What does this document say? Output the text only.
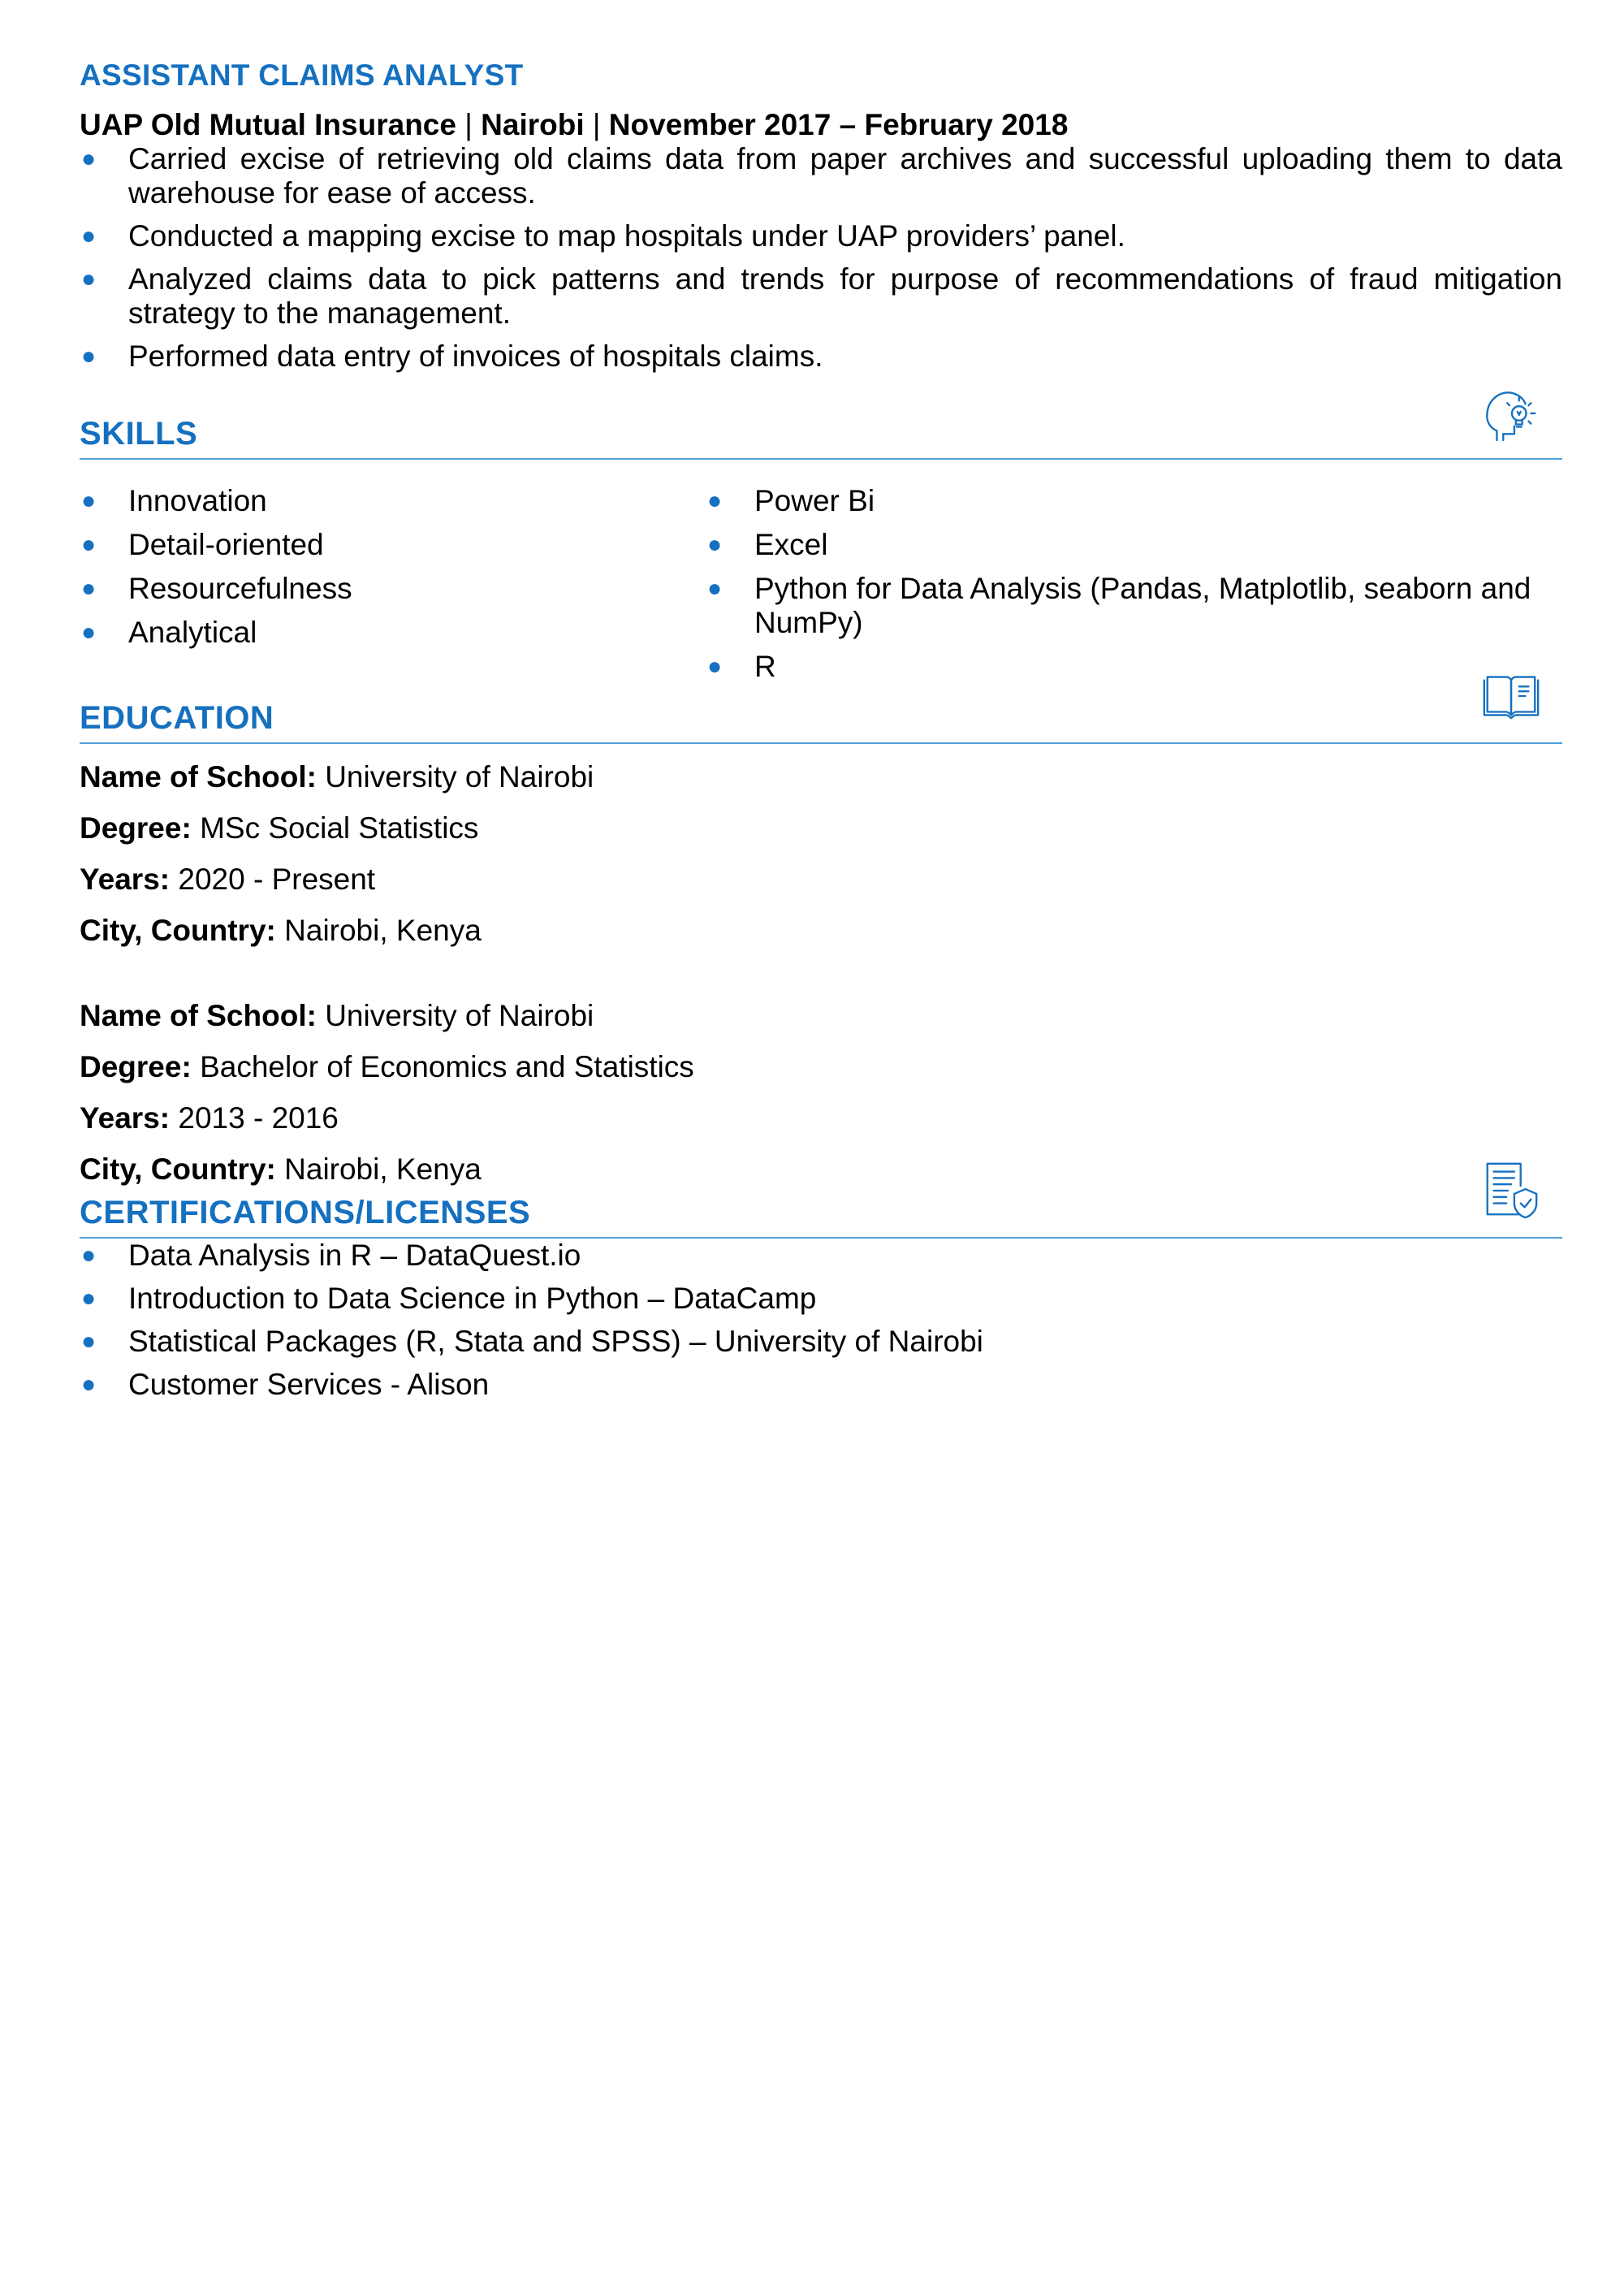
ASSISTANT CLAIMS ANALYST
UAP Old Mutual Insurance | Nairobi | November 2017 – February 2018
● Carried excise of retrieving old claims data from paper archives and successful uploading them to data warehouse for ease of access.
● Conducted a mapping excise to map hospitals under UAP providers’ panel.
● Analyzed claims data to pick patterns and trends for purpose of recommendations of fraud mitigation strategy to the management.
● Performed data entry of invoices of hospitals claims.
SKILLS
● Innovation
● Detail-oriented
● Resourcefulness
● Analytical
● Power Bi
● Excel
● Python for Data Analysis (Pandas, Matplotlib, seaborn and NumPy)
● R
EDUCATION
Name of School: University of Nairobi
Degree: MSc Social Statistics
Years: 2020 - Present
City, Country: Nairobi, Kenya
Name of School: University of Nairobi
Degree: Bachelor of Economics and Statistics
Years: 2013 - 2016
City, Country: Nairobi, Kenya
CERTIFICATIONS/LICENSES
● Data Analysis in R – DataQuest.io
● Introduction to Data Science in Python – DataCamp
● Statistical Packages (R, Stata and SPSS) – University of Nairobi
● Customer Services - Alison
